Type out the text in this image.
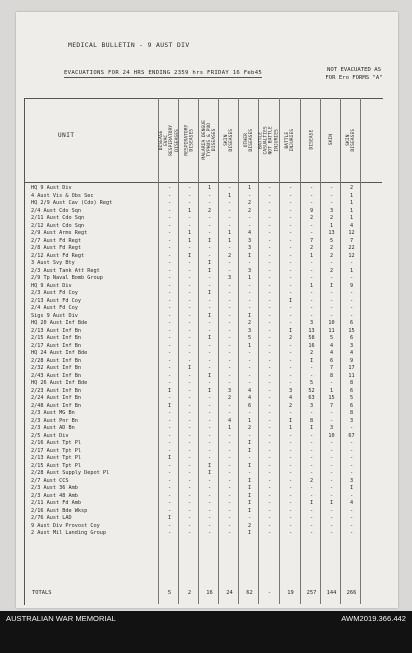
MEDICAL BULLETIN - 9 AUST DIV
EVACUATIONS FOR 24 HRS ENDING 2359 hrs FRIDAY 16 Feb45	NOT EVACUATED AS FOR Ero FORMS "A"
UNIT	DISEASE
EVAC
RESPIRATORY
DISEASES RESPIRATORY
DISEASES MALARIA DENGUE
TYPHUS & PUO
DISEASES SKIN
DISEASES OTHER
DISEASES BATTLE
CASUALTIES
NOT BATTLE
INJURIES BATTLE
INJURIES	DISEASE	SKIN	SKIN
DISEASES
HQ 9 Aust Div	-	-	1	-	1	-	-	-	-	2
4 Aust Vis & Obs Sec	-	-	-	1	-	-	-	-	-	1
HQ 2/9 Aust Cav (Cdo) Regt	-	-	-	-	2	-	-	-	-	1
2/4 Aust Cdo Sqn	-	1	2	-	2	-	-	9	3	1
2/11 Aust Cdo Sqn	-	-	-	-	-	-	-	2	2	1
2/12 Aust Cdo Sqn	-	-	-	-	-	-	-	-	1	4
2/9 Aust Arms Regt	-	1	-	1	4	-	-	-	13	12
2/7 Aust Fd Regt	-	1	I	1	3	-	-	7	5	7
2/8 Aust Fd Regt	-	-	-	-	3	-	-	2	2	22
2/12 Aust Fd Regt	-	I	-	2	I	-	-	1	2	12
3 Aust Svy Bty	-	-	I	-	-	-	-	-	-	-
2/3 Aust Tank Att Regt	-	-	I	-	3	-	-	-	2	1
2/9 Tp Naval Bomb Group	-	-	-	3	1	-	-	-	-	-
HQ 9 Aust Div	-	-	-	-	-	-	-	1	I	9
2/3 Aust Fd Coy	-	-	I	-	-	-	-	-	-	-
2/13 Aust Fd Coy	-	-	-	-	-	-	I	-	-	-
2/4 Aust Fd Coy	-	-	-	-	-	-	-	-	-	-
Sigs 9 Aust Div	-	-	I	-	I	-	-	-	-	-
HQ 20 Aust Inf Bde	-	-	-	-	2	-	-	3	10	6
2/13 Aust Inf Bn	-	-	-	-	3	-	I	13	11	15
2/15 Aust Inf Bn	-	-	I	-	5	-	2	58	5	6
2/17 Aust Inf Bn	-	-	-	-	1	-	-	16	4	3
HQ 24 Aust Inf Bde	-	-	-	-	-	-	-	2	4	4
2/28 Aust Inf Bn	-	-	-	-	-	-	-	I	6	9
2/32 Aust Inf Bn	-	I	-	-	-	-	-	-	7	17
2/43 Aust Inf Bn	-	-	I	-	-	-	-	-	8	11
HQ 26 Aust Inf Bde	-	-	-	-	-	-	-	5	-	8
2/23 Aust Inf Bn	I	-	I	3	4	-	3	52	1	6
2/24 Aust Inf Bn	-	-	-	2	4	-	4	63	15	5
2/48 Aust Inf Bn	I	-	-	-	6	-	2	3	7	6
2/3 Aust MG Bn	-	-	-	-	-	-	-	-	-	8
2/3 Aust Pnr Bn	-	-	-	4	1	-	I	8	-	3
2/3 Aust AD Bn	-	-	-	1	2	-	1	I	3	-
2/5 Aust Div	-	-	-	-	-	-	-	-	10	67
2/16 Aust Tpt Pl	-	-	-	-	I	-	-	-	-	-
2/17 Aust Tpt Pl	-	-	-	-	I	-	-	-	-	-
2/13 Aust Tpt Pl	I	-	-	-	-	-	-	-	-	-
2/15 Aust Tpt Pl	-	-	I	-	I	-	-	-	-	-
2/28 Aust Supply Depot Pl	-	-	I	-	-	-	-	-	-	-
2/7 Aust CCS	-	-	-	-	I	-	-	2	-	3
2/3 Aust 36 Amb	-	-	-	-	I	-	-	-	-	I
2/3 Aust 48 Amb	-	-	-	-	I	-	-	-	-	-
2/11 Aust Fd Amb	-	-	-	-	I	-	-	I	I	4
2/16 Aust Bde Wksp	-	-	-	-	I	-	-	-	-	-
2/76 Aust LAD	I	-	-	-	-	-	-	-	-	-
9 Aust Div Provost Coy	-	-	-	-	2	-	-	-	-	-
2 Aust Mil Landing Group	-	-	-	-	I	-	-	-	-	-
TOTALS	5	2	16	24	62	-	19	257	144	266
AUSTRALIAN WAR MEMORIAL	AWM2019.366.442
